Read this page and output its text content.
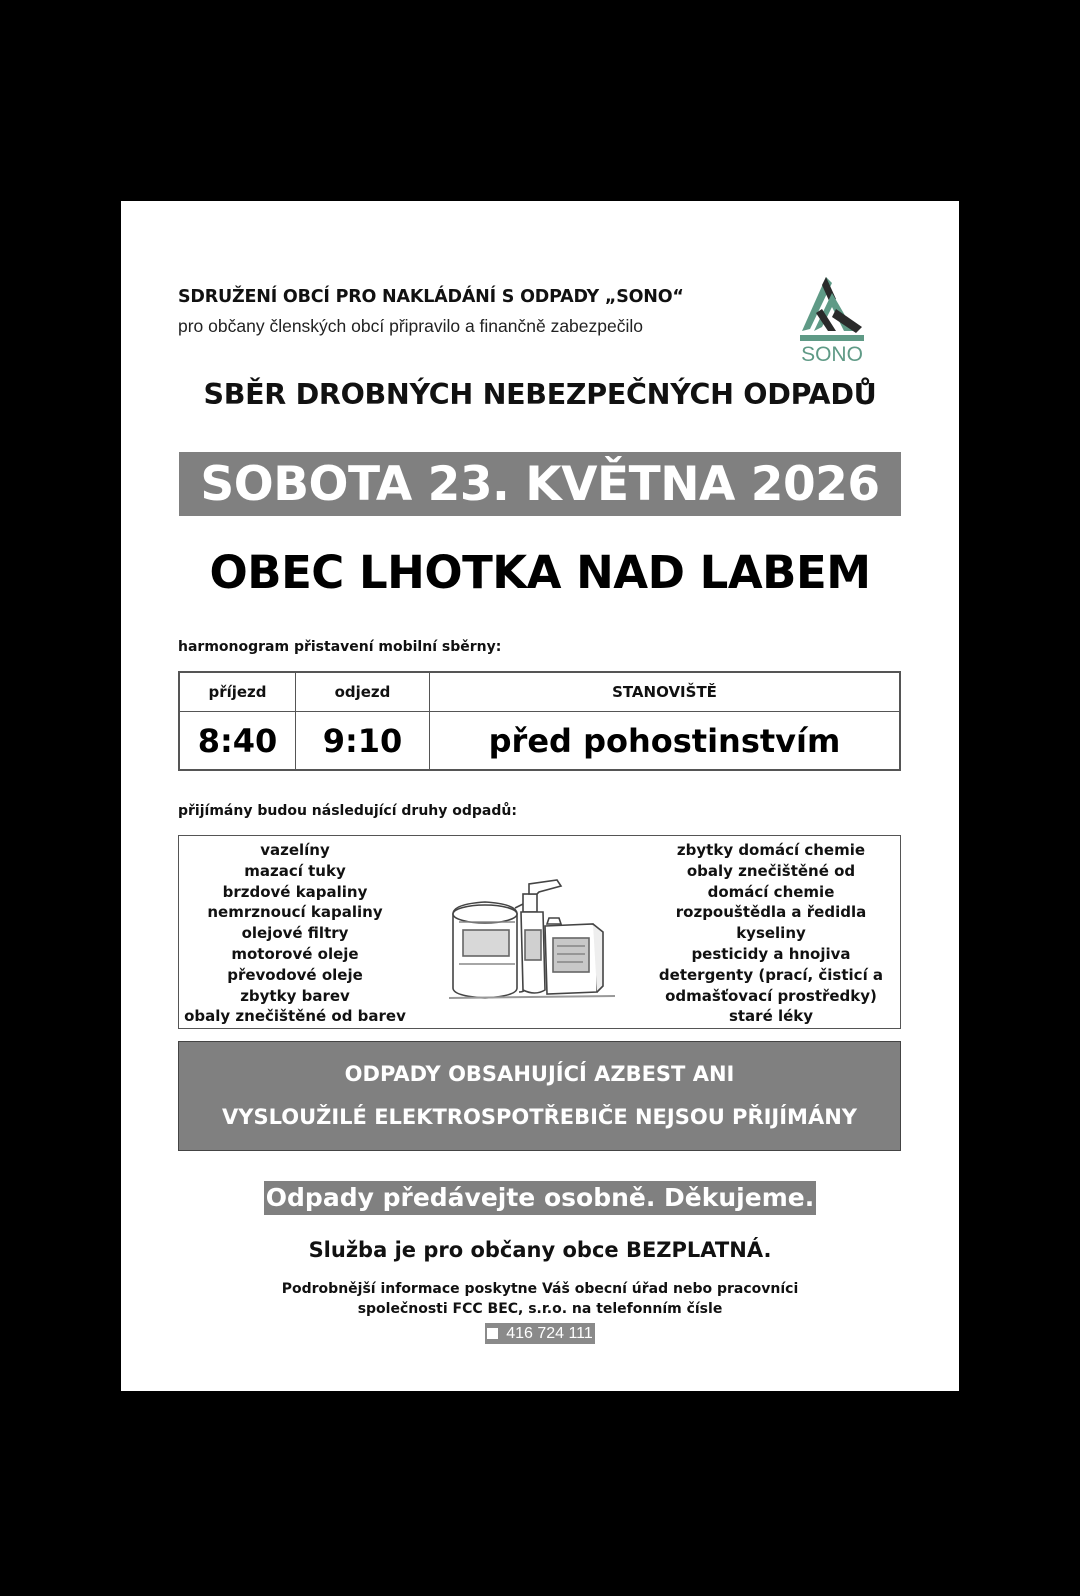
SDRUŽENÍ OBCÍ PRO NAKLÁDÁNÍ S ODPADY „SONO“
pro občany členských obcí připravilo a finančně zabezpečilo
SONO
SBĚR DROBNÝCH NEBEZPEČNÝCH ODPADŮ
SOBOTA 23. KVĚTNA 2026
OBEC LHOTKA NAD LABEM
harmonogram přistavení mobilní sběrny:
příjezd	odjezd	STANOVIŠTĚ
8:40	9:10	před pohostinstvím
přijímány budou následující druhy odpadů:
vazelíny
mazací tuky
brzdové kapaliny
nemrznoucí kapaliny
olejové filtry
motorové oleje
převodové oleje
zbytky barev
obaly znečištěné od barev
zbytky domácí chemie
obaly znečištěné od
domácí chemie
rozpouštědla a ředidla
kyseliny
pesticidy a hnojiva
detergenty (prací, čisticí a
odmašťovací prostředky)
staré léky
ODPADY OBSAHUJÍCÍ AZBEST ANI
VYSLOUŽILÉ ELEKTROSPOTŘEBIČE NEJSOU PŘIJÍMÁNY
Odpady předávejte osobně. Děkujeme.
Služba je pro občany obce BEZPLATNÁ.
Podrobnější informace poskytne Váš obecní úřad nebo pracovníci
společnosti FCC BEC, s.r.o. na telefonním čísle
416 724 111
